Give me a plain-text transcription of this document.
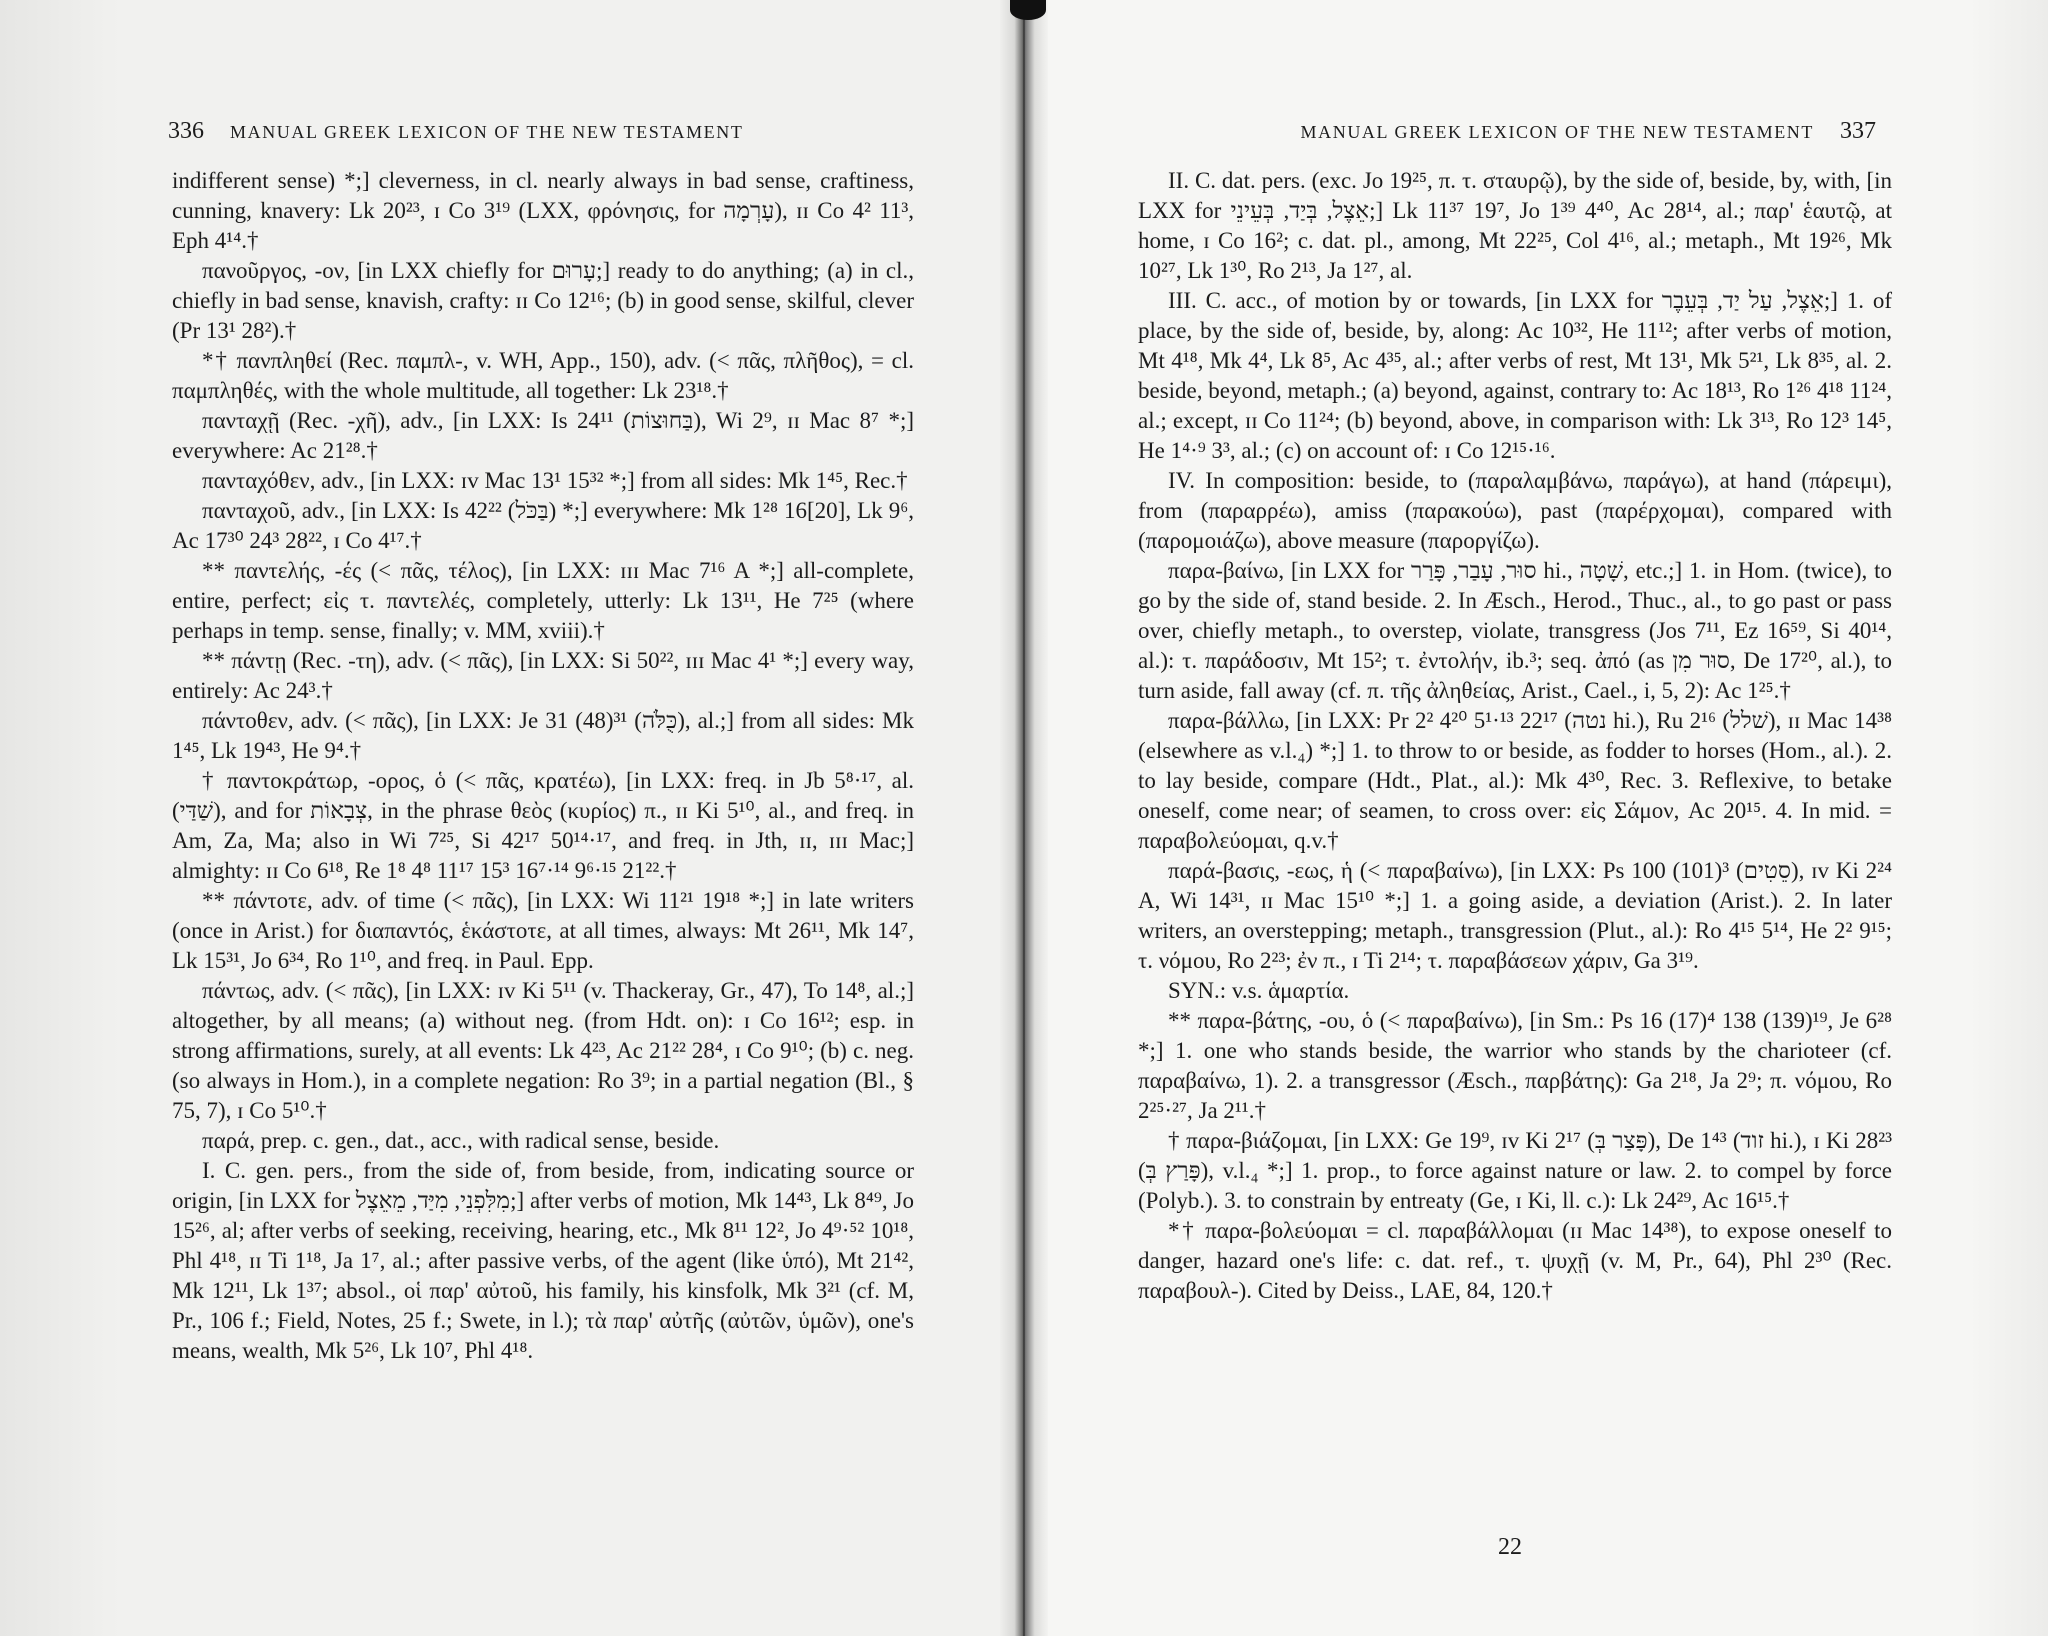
336 MANUAL GREEK LEXICON OF THE NEW TESTAMENT

indifferent sense) *;] cleverness, in cl. nearly always in bad sense, craftiness, cunning, knavery: Lk 20²³, ɪ Co 3¹⁹ (LXX, φρόνησις, for עָרְמָה), ɪɪ Co 4² 11³, Eph 4¹⁴.†

πανοῦργος, -ον, [in LXX chiefly for עָרוּם;] ready to do anything; (a) in cl., chiefly in bad sense, knavish, crafty: ɪɪ Co 12¹⁶; (b) in good sense, skilful, clever (Pr 13¹ 28²).†

*† πανπληθεί (Rec. παμπλ-, v. WH, App., 150), adv. (< πᾶς, πλῆθος), = cl. παμπληθές, with the whole multitude, all together: Lk 23¹⁸.†

πανταχῇ (Rec. -χῆ), adv., [in LXX: Is 24¹¹ (בַּחוּצוֹת), Wi 2⁹, ɪɪ Mac 8⁷ *;] everywhere: Ac 21²⁸.†

πανταχόθεν, adv., [in LXX: ɪᴠ Mac 13¹ 15³² *;] from all sides: Mk 1⁴⁵, Rec.†

πανταχοῦ, adv., [in LXX: Is 42²² (בַּכֹּל) *;] everywhere: Mk 1²⁸ 16[20], Lk 9⁶, Ac 17³⁰ 24³ 28²², ɪ Co 4¹⁷.†

** παντελής, -ές (< πᾶς, τέλος), [in LXX: ɪɪɪ Mac 7¹⁶ A *;] all-complete, entire, perfect; εἰς τ. παντελές, completely, utterly: Lk 13¹¹, He 7²⁵ (where perhaps in temp. sense, finally; v. MM, xviii).†

** πάντῃ (Rec. -τη), adv. (< πᾶς), [in LXX: Si 50²², ɪɪɪ Mac 4¹ *;] every way, entirely: Ac 24³.†

πάντοθεν, adv. (< πᾶς), [in LXX: Je 31 (48)³¹ (כֻּלֹּה), al.;] from all sides: Mk 1⁴⁵, Lk 19⁴³, He 9⁴.†

† παντοκράτωρ, -ορος, ὁ (< πᾶς, κρατέω), [in LXX: freq. in Jb 5⁸·¹⁷, al. (שַׁדַּי), and for צְבָאוֹת, in the phrase θεὸς (κυρίος) π., ɪɪ Ki 5¹⁰, al., and freq. in Am, Za, Ma; also in Wi 7²⁵, Si 42¹⁷ 50¹⁴·¹⁷, and freq. in Jth, ɪɪ, ɪɪɪ Mac;] almighty: ɪɪ Co 6¹⁸, Re 1⁸ 4⁸ 11¹⁷ 15³ 16⁷·¹⁴ 9⁶·¹⁵ 21²².†

** πάντοτε, adv. of time (< πᾶς), [in LXX: Wi 11²¹ 19¹⁸ *;] in late writers (once in Arist.) for διαπαντός, ἑκάστοτε, at all times, always: Mt 26¹¹, Mk 14⁷, Lk 15³¹, Jo 6³⁴, Ro 1¹⁰, and freq. in Paul. Epp.

πάντως, adv. (< πᾶς), [in LXX: ɪᴠ Ki 5¹¹ (v. Thackeray, Gr., 47), To 14⁸, al.;] altogether, by all means; (a) without neg. (from Hdt. on): ɪ Co 16¹²; esp. in strong affirmations, surely, at all events: Lk 4²³, Ac 21²² 28⁴, ɪ Co 9¹⁰; (b) c. neg. (so always in Hom.), in a complete negation: Ro 3⁹; in a partial negation (Bl., § 75, 7), ɪ Co 5¹⁰.†

παρά, prep. c. gen., dat., acc., with radical sense, beside.

I. C. gen. pers., from the side of, from beside, from, indicating source or origin, [in LXX for מִלִּפְנֵי, מִיַּד, מֵאֵצֶל;] after verbs of motion, Mk 14⁴³, Lk 8⁴⁹, Jo 15²⁶, al; after verbs of seeking, receiving, hearing, etc., Mk 8¹¹ 12², Jo 4⁹·⁵² 10¹⁸, Phl 4¹⁸, ɪɪ Ti 1¹⁸, Ja 1⁷, al.; after passive verbs, of the agent (like ὑπό), Mt 21⁴², Mk 12¹¹, Lk 1³⁷; absol., οἱ παρ' αὐτοῦ, his family, his kinsfolk, Mk 3²¹ (cf. M, Pr., 106 f.; Field, Notes, 25 f.; Swete, in l.); τὰ παρ' αὐτῆς (αὐτῶν, ὑμῶν), one's means, wealth, Mk 5²⁶, Lk 10⁷, Phl 4¹⁸.

MANUAL GREEK LEXICON OF THE NEW TESTAMENT 337

II. C. dat. pers. (exc. Jo 19²⁵, π. τ. σταυρῷ), by the side of, beside, by, with, [in LXX for אֵצֶל, בְּיַד, בְּעֵינֵי;] Lk 11³⁷ 19⁷, Jo 1³⁹ 4⁴⁰, Ac 28¹⁴, al.; παρ' ἑαυτῷ, at home, ɪ Co 16²; c. dat. pl., among, Mt 22²⁵, Col 4¹⁶, al.; metaph., Mt 19²⁶, Mk 10²⁷, Lk 1³⁰, Ro 2¹³, Ja 1²⁷, al.

III. C. acc., of motion by or towards, [in LXX for אֵצֶל, עַל יַד, בְּעֵבֶר;] 1. of place, by the side of, beside, by, along: Ac 10³², He 11¹²; after verbs of motion, Mt 4¹⁸, Mk 4⁴, Lk 8⁵, Ac 4³⁵, al.; after verbs of rest, Mt 13¹, Mk 5²¹, Lk 8³⁵, al. 2. beside, beyond, metaph.; (a) beyond, against, contrary to: Ac 18¹³, Ro 1²⁶ 4¹⁸ 11²⁴, al.; except, ɪɪ Co 11²⁴; (b) beyond, above, in comparison with: Lk 3¹³, Ro 12³ 14⁵, He 1⁴·⁹ 3³, al.; (c) on account of: ɪ Co 12¹⁵·¹⁶.

IV. In composition: beside, to (παραλαμβάνω, παράγω), at hand (πάρειμι), from (παραρρέω), amiss (παρακούω), past (παρέρχομαι), compared with (παρομοιάζω), above measure (παροργίζω).

παρα-βαίνω, [in LXX for סוּר, עָבַר, פָּרַר hi., שָׁטָה, etc.;] 1. in Hom. (twice), to go by the side of, stand beside. 2. In Æsch., Herod., Thuc., al., to go past or pass over, chiefly metaph., to overstep, violate, transgress (Jos 7¹¹, Ez 16⁵⁹, Si 40¹⁴, al.): τ. παράδοσιν, Mt 15²; τ. ἐντολήν, ib.³; seq. ἀπό (as סוּר מִן, De 17²⁰, al.), to turn aside, fall away (cf. π. τῆς ἀληθείας, Arist., Cael., i, 5, 2): Ac 1²⁵.†

παρα-βάλλω, [in LXX: Pr 2² 4²⁰ 5¹·¹³ 22¹⁷ (נטה hi.), Ru 2¹⁶ (שׁלל), ɪɪ Mac 14³⁸ (elsewhere as v.l.₄) *;] 1. to throw to or beside, as fodder to horses (Hom., al.). 2. to lay beside, compare (Hdt., Plat., al.): Mk 4³⁰, Rec. 3. Reflexive, to betake oneself, come near; of seamen, to cross over: εἰς Σάμον, Ac 20¹⁵. 4. In mid. = παραβολεύομαι, q.v.†

παρά-βασις, -εως, ἡ (< παραβαίνω), [in LXX: Ps 100 (101)³ (סֵטִים), ɪᴠ Ki 2²⁴ A, Wi 14³¹, ɪɪ Mac 15¹⁰ *;] 1. a going aside, a deviation (Arist.). 2. In later writers, an overstepping; metaph., transgression (Plut., al.): Ro 4¹⁵ 5¹⁴, He 2² 9¹⁵; τ. νόμου, Ro 2²³; ἐν π., ɪ Ti 2¹⁴; τ. παραβάσεων χάριν, Ga 3¹⁹.

SYN.: v.s. ἁμαρτία.

** παρα-βάτης, -ου, ὁ (< παραβαίνω), [in Sm.: Ps 16 (17)⁴ 138 (139)¹⁹, Je 6²⁸ *;] 1. one who stands beside, the warrior who stands by the charioteer (cf. παραβαίνω, 1). 2. a transgressor (Æsch., παρβάτης): Ga 2¹⁸, Ja 2⁹; π. νόμου, Ro 2²⁵·²⁷, Ja 2¹¹.†

† παρα-βιάζομαι, [in LXX: Ge 19⁹, ɪᴠ Ki 2¹⁷ (פָּצַר בְּ), De 1⁴³ (זוד hi.), ɪ Ki 28²³ (פָּרַץ בְּ), v.l.₄ *;] 1. prop., to force against nature or law. 2. to compel by force (Polyb.). 3. to constrain by entreaty (Ge, ɪ Ki, ll. c.): Lk 24²⁹, Ac 16¹⁵.†

*† παρα-βολεύομαι = cl. παραβάλλομαι (ɪɪ Mac 14³⁸), to expose oneself to danger, hazard one's life: c. dat. ref., τ. ψυχῇ (v. M, Pr., 64), Phl 2³⁰ (Rec. παραβουλ-). Cited by Deiss., LAE, 84, 120.†

22
